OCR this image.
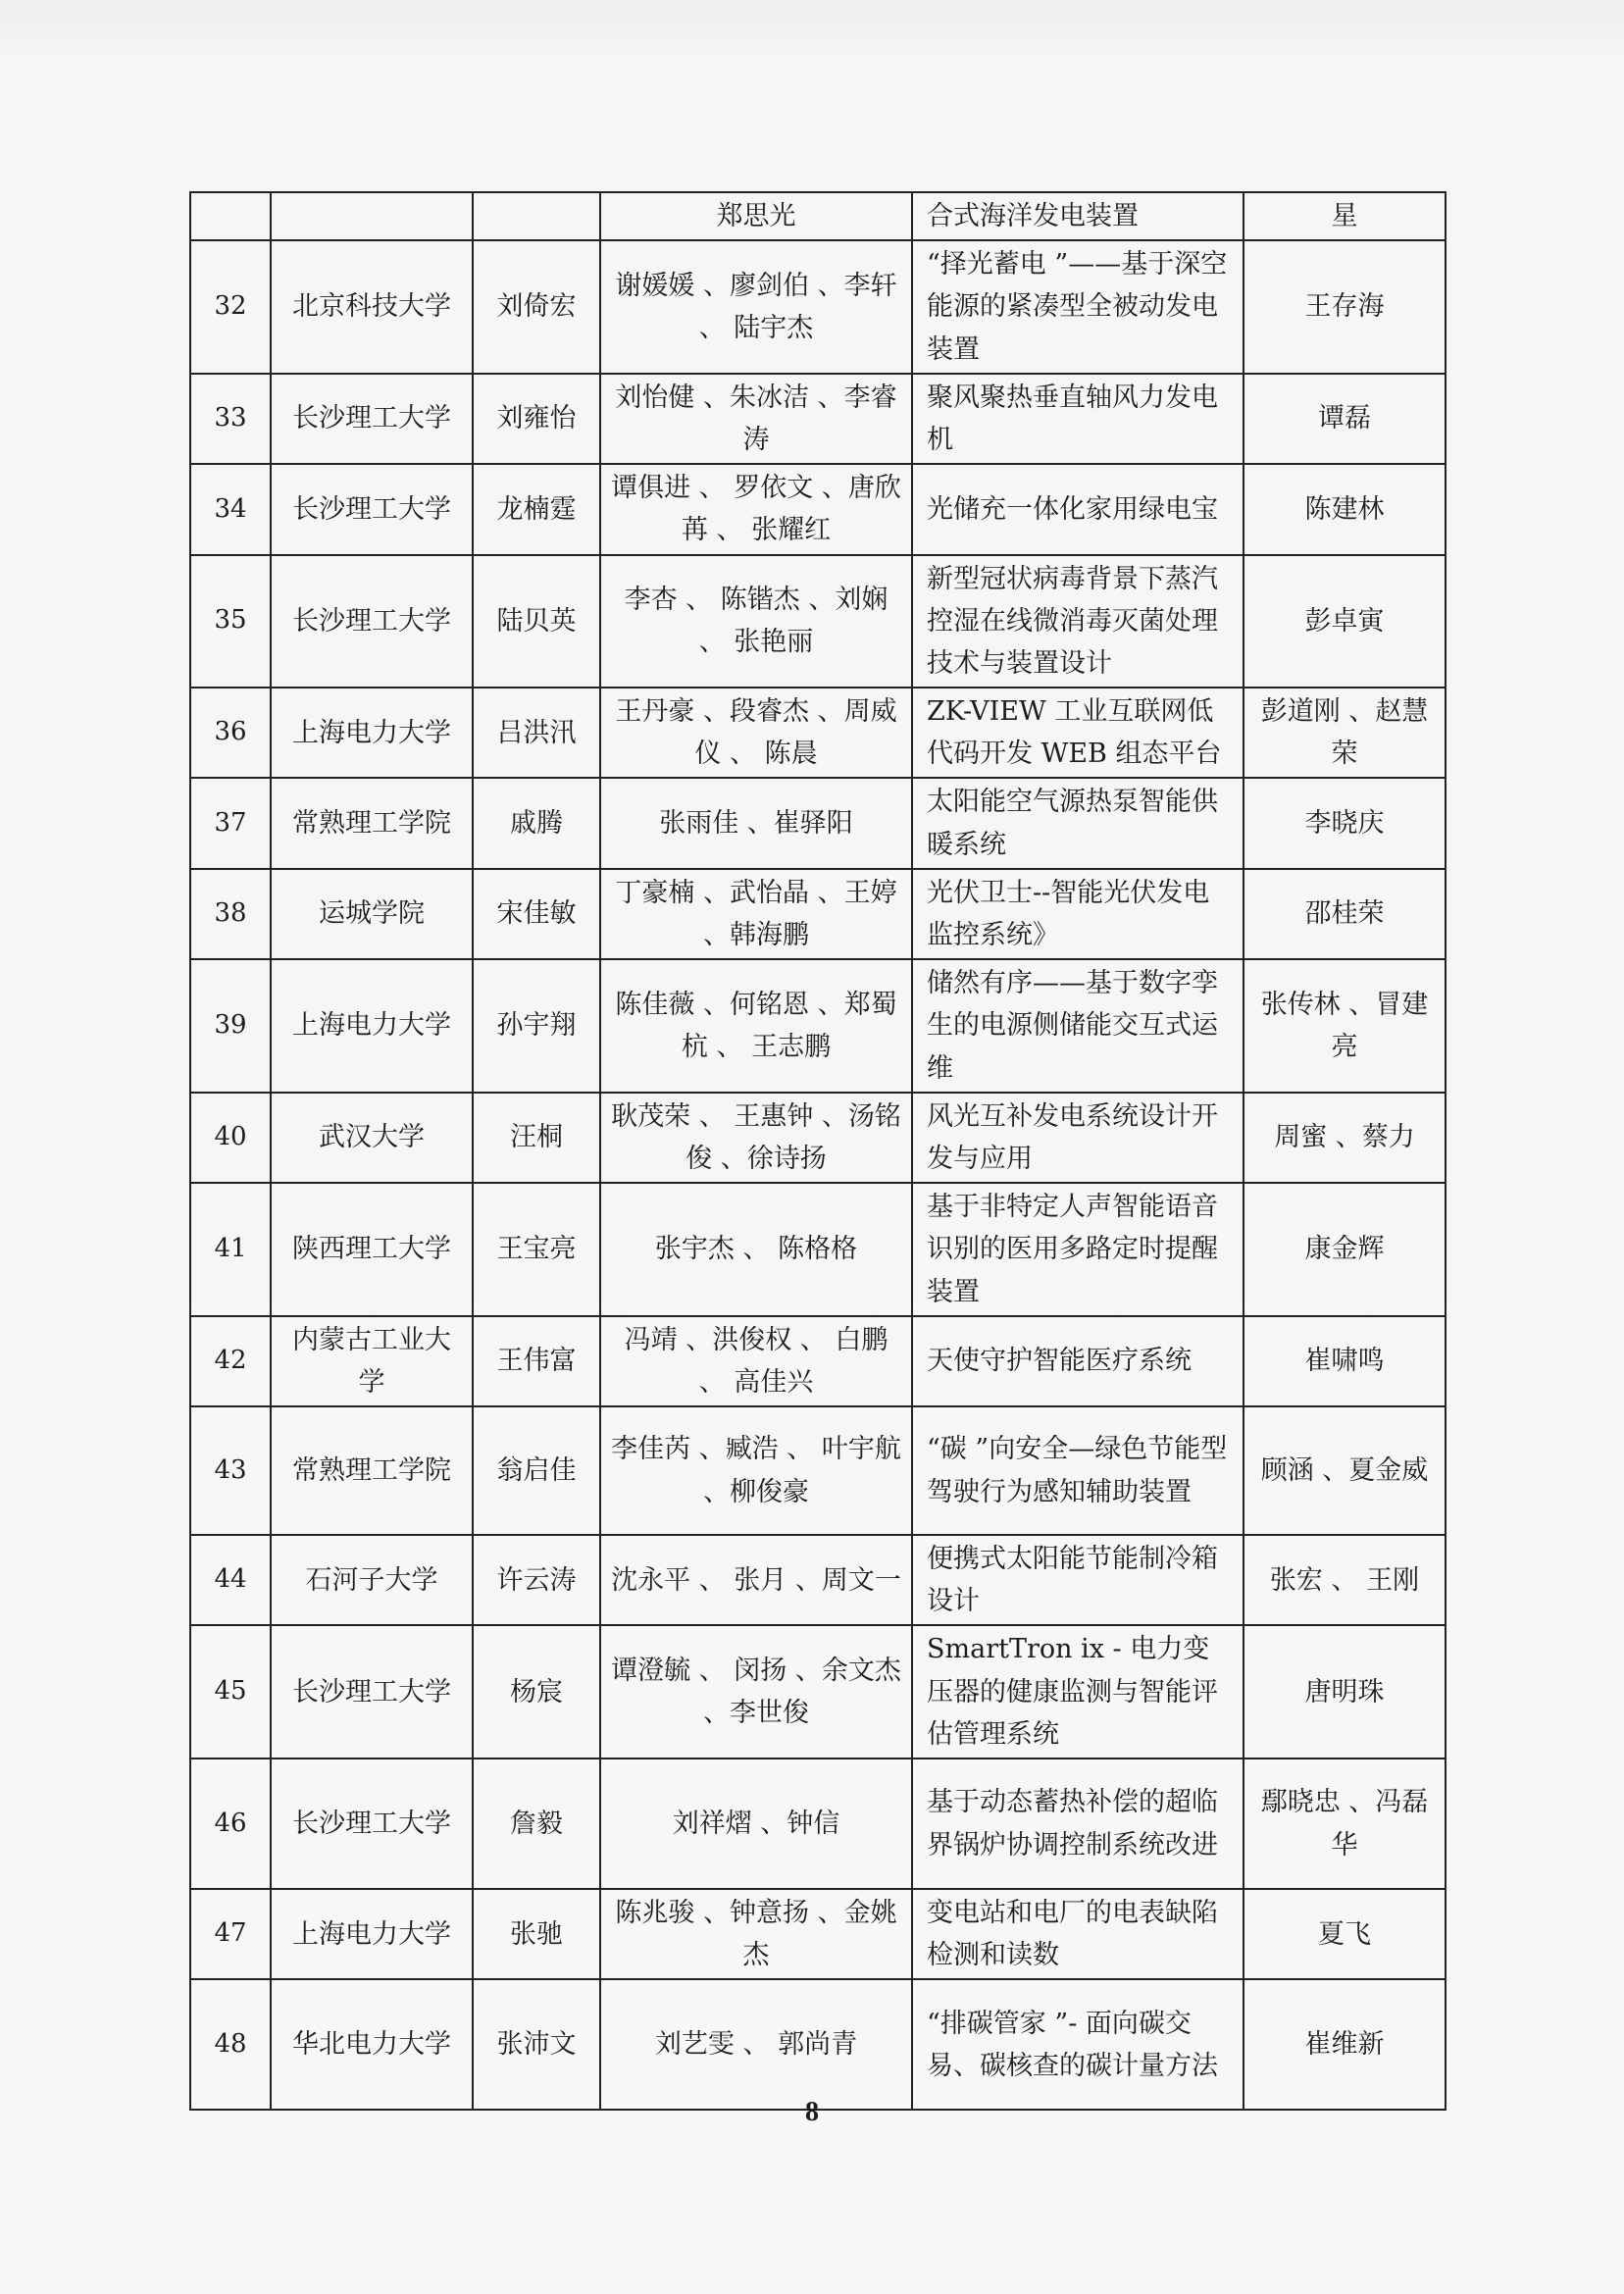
			郑思光	合式海洋发电装置	星
32	北京科技大学	刘倚宏	谢媛媛 、廖剑伯 、李轩 、 陆宇杰	“择光蓄电 ”——基于深空能源的紧凑型全被动发电装置	王存海
33	长沙理工大学	刘雍怡	刘怡健 、朱冰洁 、李睿涛	聚风聚热垂直轴风力发电机	谭磊
34	长沙理工大学	龙楠霆	谭俱进 、 罗依文 、唐欣苒 、 张耀红	光储充一体化家用绿电宝	陈建林
35	长沙理工大学	陆贝英	李杏 、 陈锴杰 、刘娴 、 张艳丽	新型冠状病毒背景下蒸汽控湿在线微消毒灭菌处理技术与装置设计	彭卓寅
36	上海电力大学	吕洪汛	王丹豪 、段睿杰 、周威仪 、 陈晨	ZK-VIEW 工业互联网低代码开发 WEB 组态平台	彭道刚 、赵慧荣
37	常熟理工学院	戚腾	张雨佳 、崔驿阳	太阳能空气源热泵智能供暖系统	李晓庆
38	运城学院	宋佳敏	丁豪楠 、武怡晶 、王婷 、韩海鹏	光伏卫士--智能光伏发电监控系统》	邵桂荣
39	上海电力大学	孙宇翔	陈佳薇 、何铭恩 、郑蜀杭 、 王志鹏	储然有序——基于数字孪生的电源侧储能交互式运维	张传林 、冒建亮
40	武汉大学	汪桐	耿茂荣 、 王惠钟 、汤铭俊 、徐诗扬	风光互补发电系统设计开发与应用	周蜜 、蔡力
41	陕西理工大学	王宝亮	张宇杰 、 陈格格	基于非特定人声智能语音识别的医用多路定时提醒装置	康金辉
42	内蒙古工业大学	王伟富	冯靖 、洪俊权 、 白鹏 、 高佳兴	天使守护智能医疗系统	崔啸鸣
43	常熟理工学院	翁启佳	李佳芮 、臧浩 、 叶宇航 、柳俊豪	“碳 ”向安全—绿色节能型驾驶行为感知辅助装置	顾涵 、夏金威
44	石河子大学	许云涛	沈永平 、 张月 、周文一	便携式太阳能节能制冷箱设计	张宏 、 王刚
45	长沙理工大学	杨宸	谭澄毓 、 闵扬 、余文杰 、李世俊	SmartTron ix - 电力变压器的健康监测与智能评估管理系统	唐明珠
46	长沙理工大学	詹毅	刘祥熠 、钟信	基于动态蓄热补偿的超临界锅炉协调控制系统改进	鄢晓忠 、冯磊华
47	上海电力大学	张驰	陈兆骏 、钟意扬 、金姚杰	变电站和电厂的电表缺陷检测和读数	夏飞
48	华北电力大学	张沛文	刘艺雯 、 郭尚青	“排碳管家 ”- 面向碳交易、碳核查的碳计量方法	崔维新
8
